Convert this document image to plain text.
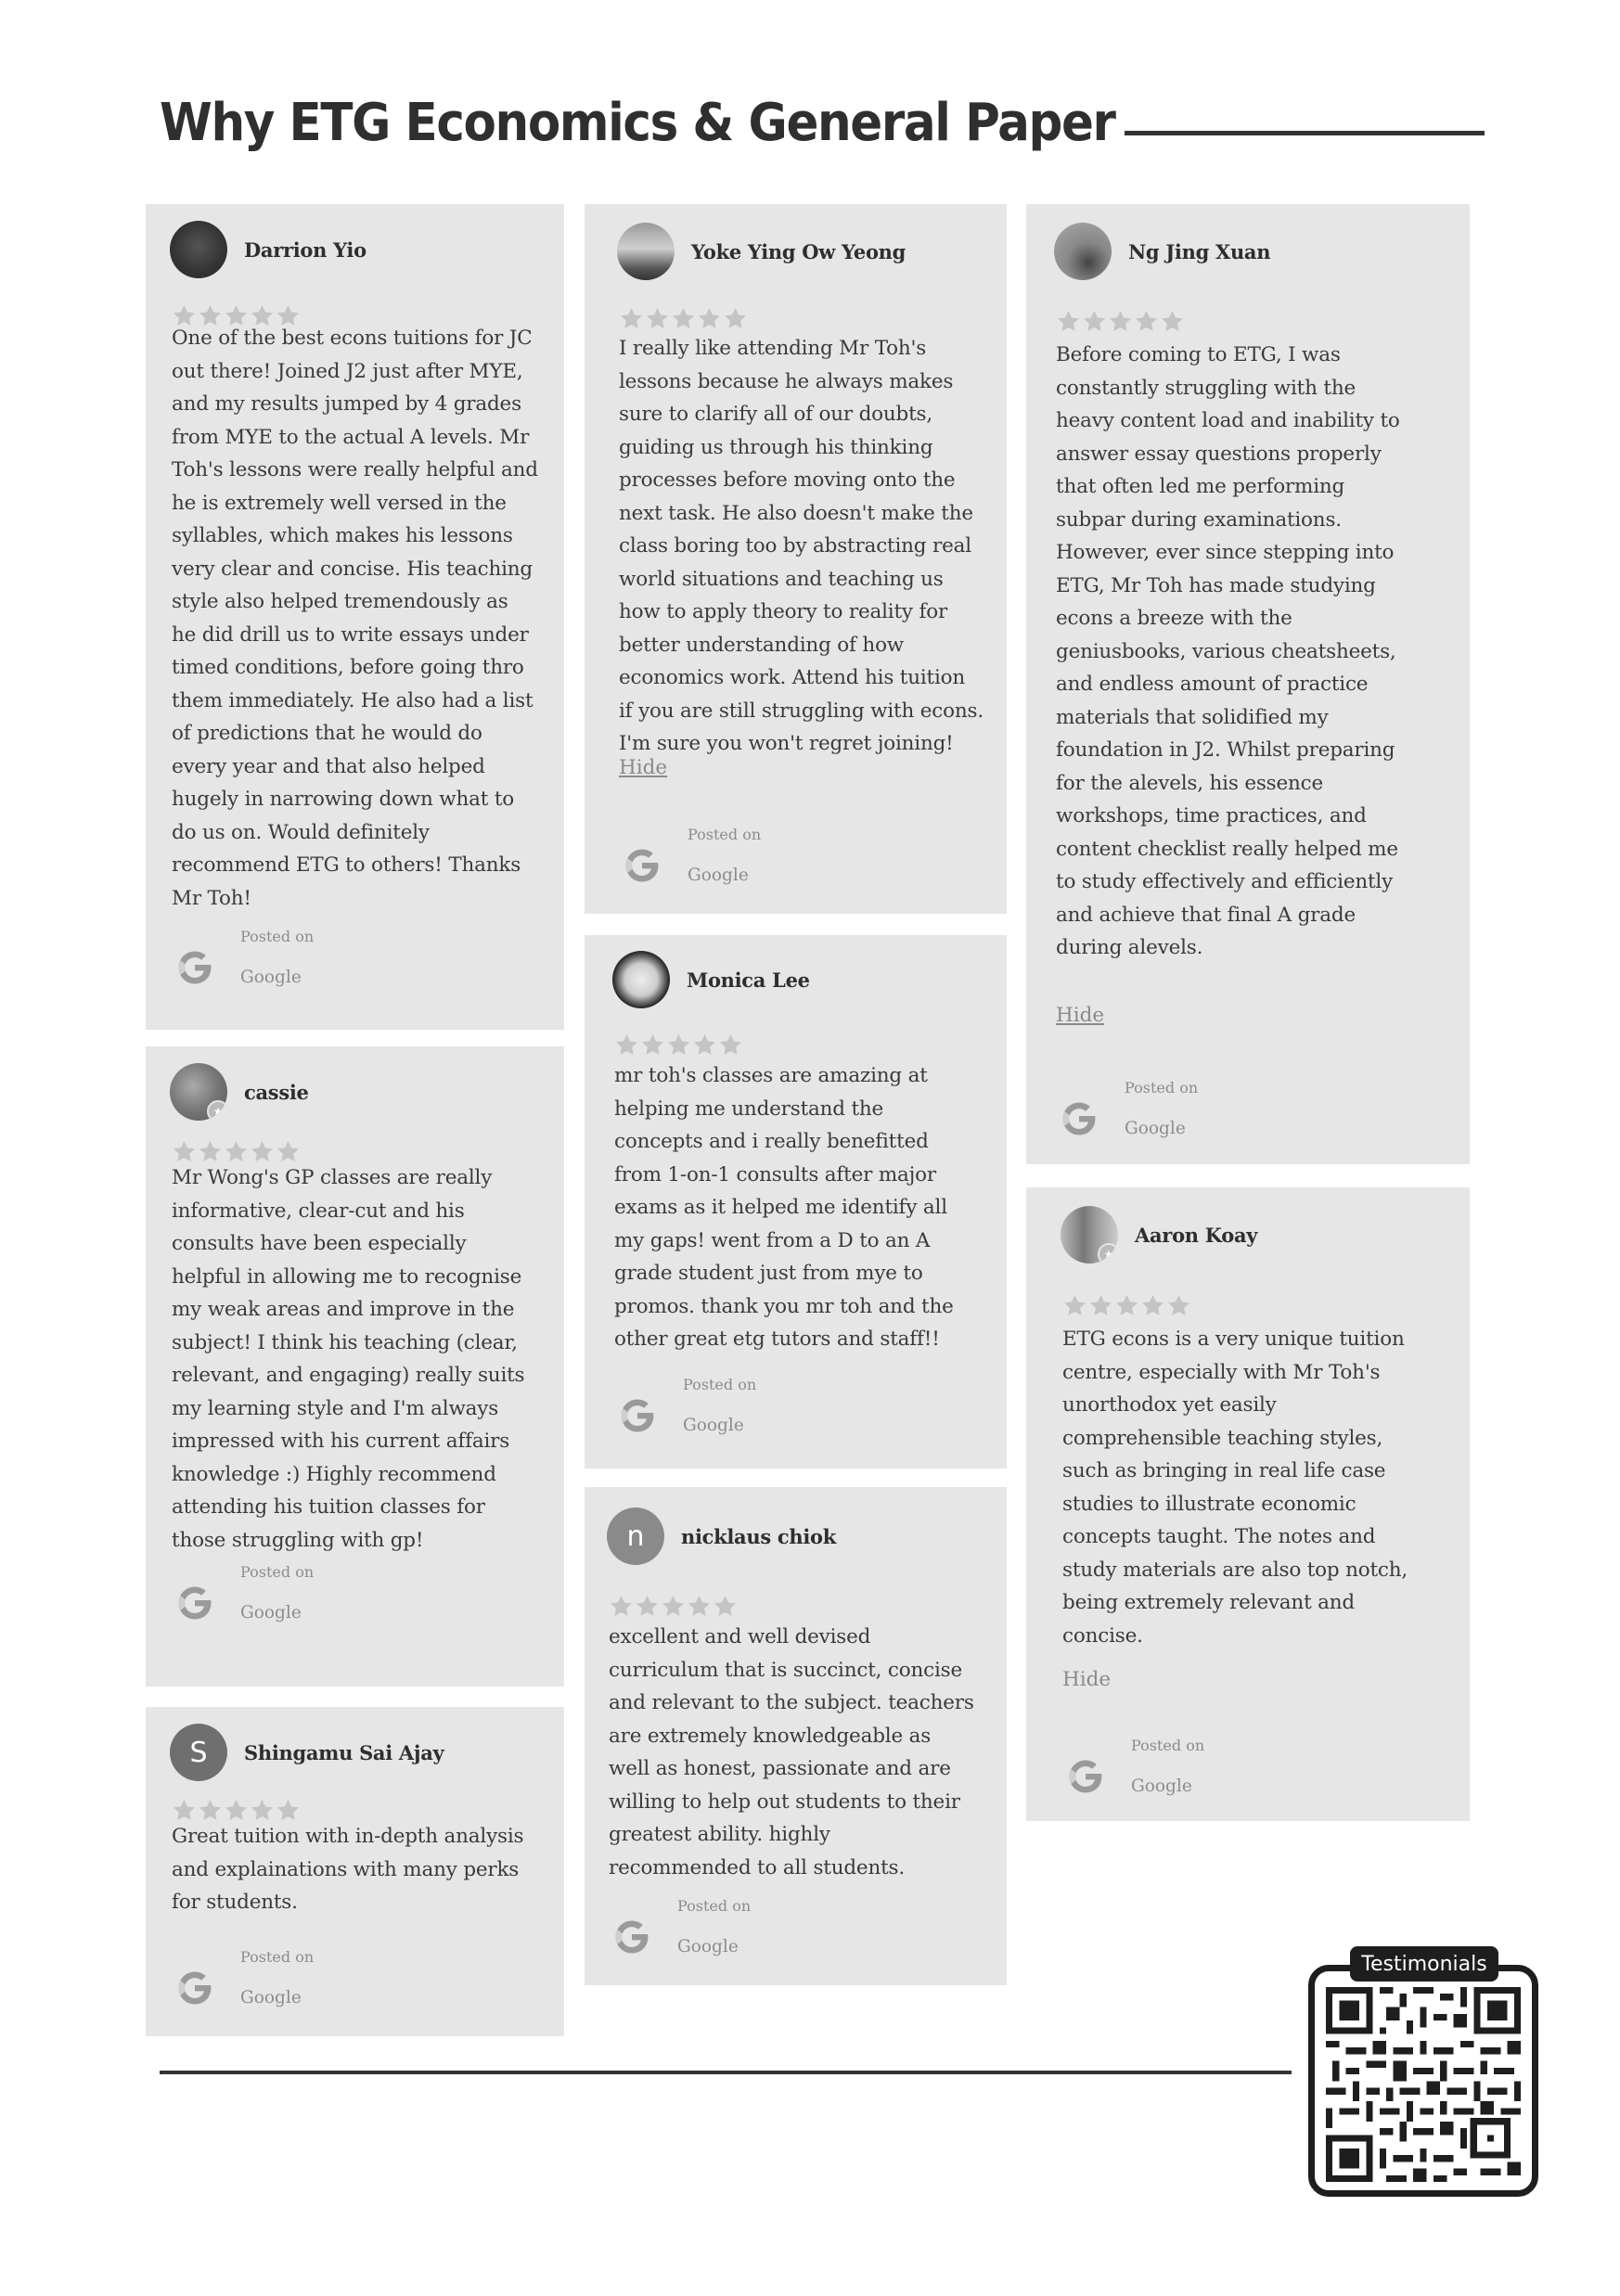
Why ETG Economics & General Paper
Darrion Yio
One of the best econs tuitions for JC
out there! Joined J2 just after MYE,
and my results jumped by 4 grades
from MYE to the actual A levels. Mr
Toh's lessons were really helpful and
he is extremely well versed in the
syllables, which makes his lessons
very clear and concise. His teaching
style also helped tremendously as
he did drill us to write essays under
timed conditions, before going thro
them immediately. He also had a list
of predictions that he would do
every year and that also helped
hugely in narrowing down what to
do us on. Would definitely
recommend ETG to others! Thanks
Mr Toh!
Posted on
Google
★
cassie
Mr Wong's GP classes are really
informative, clear-cut and his
consults have been especially
helpful in allowing me to recognise
my weak areas and improve in the
subject! I think his teaching (clear,
relevant, and engaging) really suits
my learning style and I'm always
impressed with his current affairs
knowledge :) Highly recommend
attending his tuition classes for
those struggling with gp!
Posted on
Google
S	Shingamu Sai Ajay
Great tuition with in-depth analysis
and explainations with many perks
for students.
Posted on
Google
Yoke Ying Ow Yeong
I really like attending Mr Toh's
lessons because he always makes
sure to clarify all of our doubts,
guiding us through his thinking
processes before moving onto the
next task. He also doesn't make the
class boring too by abstracting real
world situations and teaching us
how to apply theory to reality for
better understanding of how
economics work. Attend his tuition
if you are still struggling with econs.
I'm sure you won't regret joining!
Hide
Posted on
Google
Monica Lee
mr toh's classes are amazing at
helping me understand the
concepts and i really benefitted
from 1-on-1 consults after major
exams as it helped me identify all
my gaps! went from a D to an A
grade student just from mye to
promos. thank you mr toh and the
other great etg tutors and staff!!
Posted on
Google
n	nicklaus chiok
excellent and well devised
curriculum that is succinct, concise
and relevant to the subject. teachers
are extremely knowledgeable as
well as honest, passionate and are
willing to help out students to their
greatest ability. highly
recommended to all students.
Posted on
Google
Ng Jing Xuan
Before coming to ETG, I was
constantly struggling with the
heavy content load and inability to
answer essay questions properly
that often led me performing
subpar during examinations.
However, ever since stepping into
ETG, Mr Toh has made studying
econs a breeze with the
geniusbooks, various cheatsheets,
and endless amount of practice
materials that solidified my
foundation in J2. Whilst preparing
for the alevels, his essence
workshops, time practices, and
content checklist really helped me
to study effectively and efficiently
and achieve that final A grade
during alevels.
Hide
Posted on
Google
★
Aaron Koay
ETG econs is a very unique tuition
centre, especially with Mr Toh's
unorthodox yet easily
comprehensible teaching styles,
such as bringing in real life case
studies to illustrate economic
concepts taught. The notes and
study materials are also top notch,
being extremely relevant and
concise.
Hide
Posted on
Google
Testimonials
